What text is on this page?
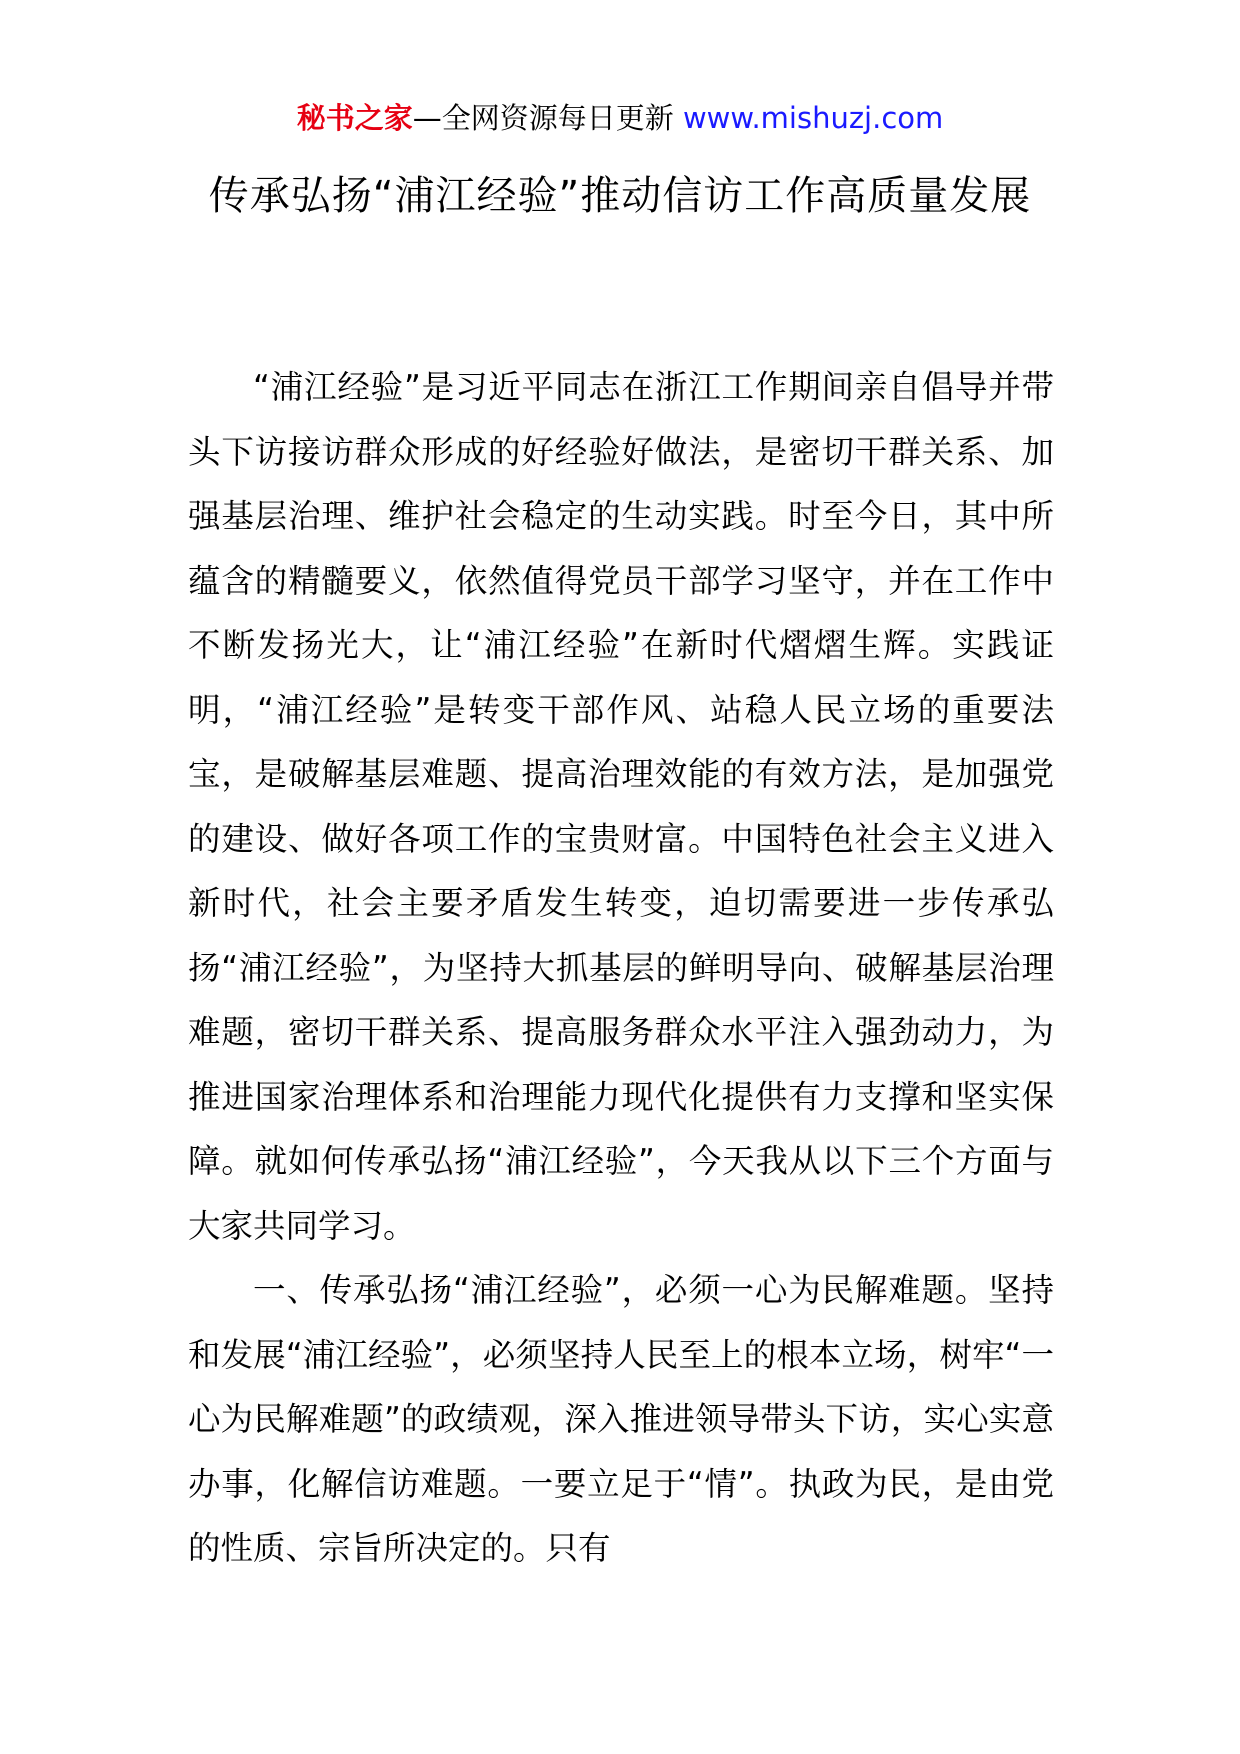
秘书之家—全网资源每日更新 www.mishuzj.com
传承弘扬“浦江经验”推动信访工作高质量发展

“浦江经验”是习近平同志在浙江工作期间亲自倡导并带头下访接访群众形成的好经验好做法，是密切干群关系、加强基层治理、维护社会稳定的生动实践。时至今日，其中所蕴含的精髓要义，依然值得党员干部学习坚守，并在工作中不断发扬光大，让“浦江经验”在新时代熠熠生辉。实践证明，“浦江经验”是转变干部作风、站稳人民立场的重要法宝，是破解基层难题、提高治理效能的有效方法，是加强党的建设、做好各项工作的宝贵财富。中国特色社会主义进入新时代，社会主要矛盾发生转变，迫切需要进一步传承弘扬“浦江经验”，为坚持大抓基层的鲜明导向、破解基层治理难题，密切干群关系、提高服务群众水平注入强劲动力，为推进国家治理体系和治理能力现代化提供有力支撑和坚实保障。就如何传承弘扬“浦江经验”，今天我从以下三个方面与大家共同学习。

一、传承弘扬“浦江经验”，必须一心为民解难题。坚持和发展“浦江经验”，必须坚持人民至上的根本立场，树牢“一心为民解难题”的政绩观，深入推进领导带头下访，实心实意办事，化解信访难题。一要立足于“情”。执政为民，是由党的性质、宗旨所决定的。只有
